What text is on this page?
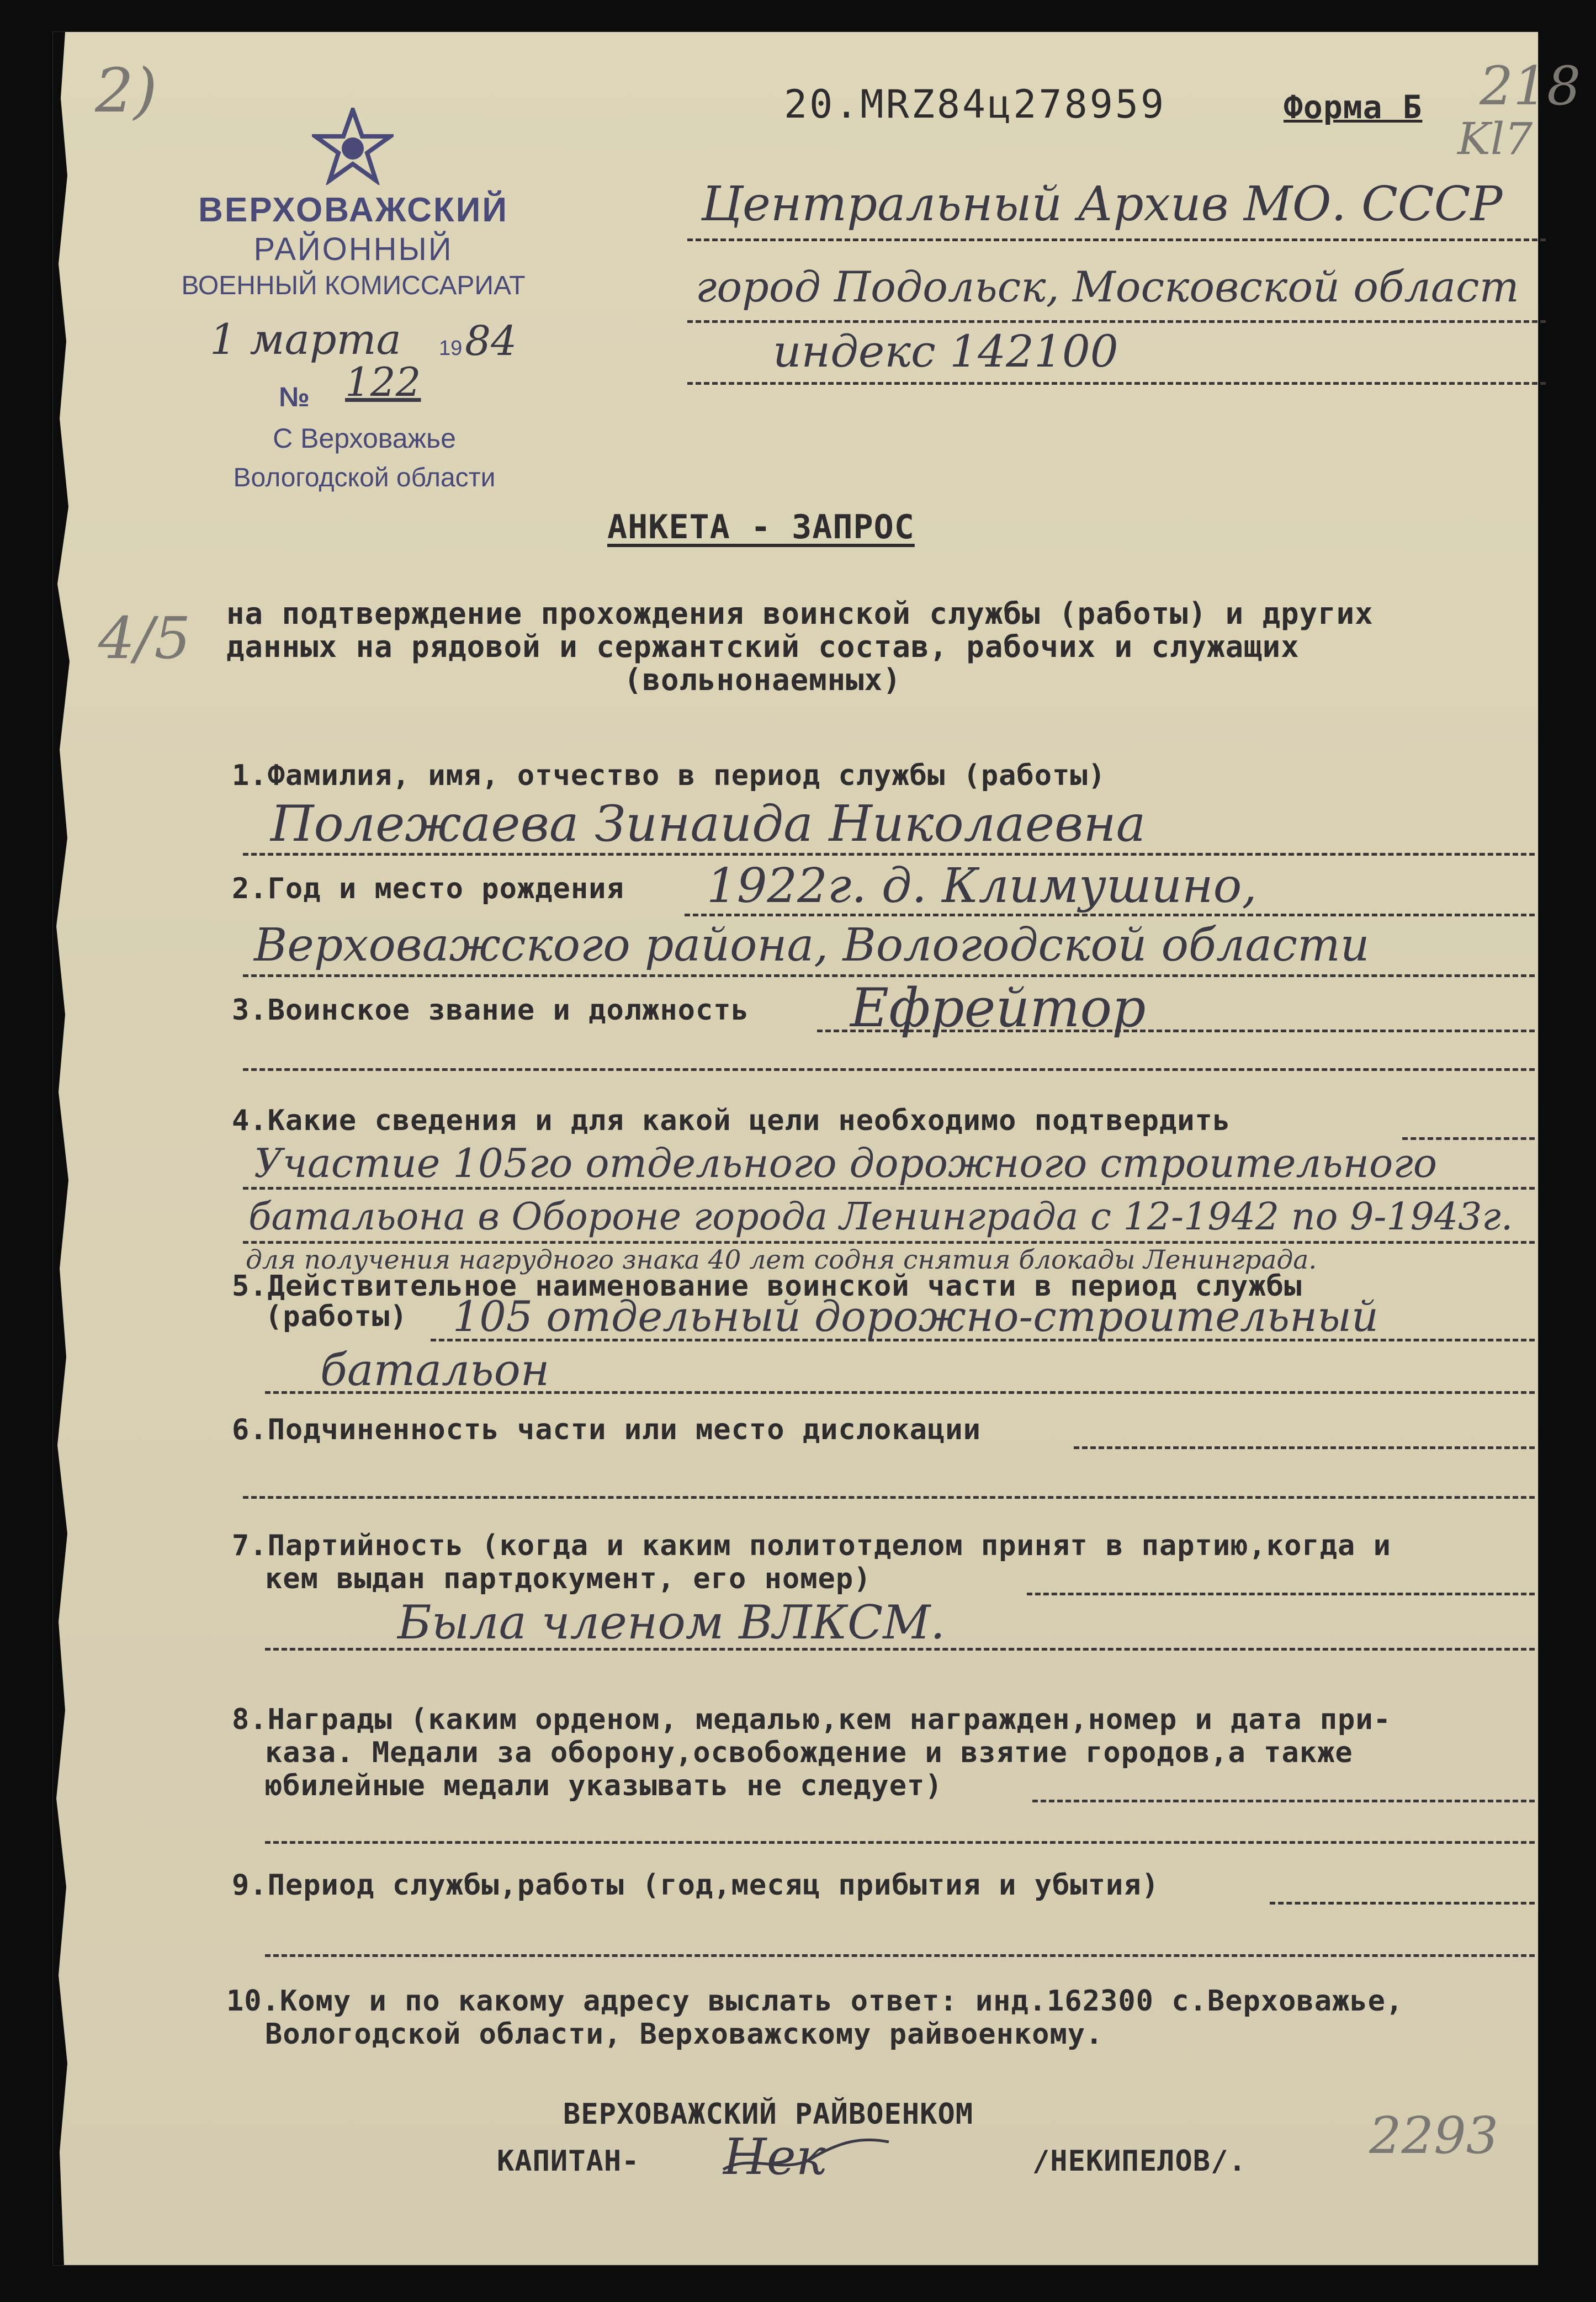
2)	218
Kl7
4/5
20.MRZ84ц278959	Форма Б
ВЕРХОВАЖСКИЙ
РАЙОННЫЙ
ВОЕННЫЙ КОМИССАРИАТ
1 марта 19 84
№ 122
С Верховажье
Вологодской области
Центральный Архив МО. СССР
город Подольск, Московской област
индекс 142100
АНКЕТА - ЗАПРОС
на подтверждение прохождения воинской службы (работы) и других
данных на рядовой и сержантский состав, рабочих и служащих
(вольнонаемных)
1.Фамилия, имя, отчество в период службы (работы)
Полежаева Зинаида Николаевна
2.Год и место рождения 1922г. д. Климушино,
Верховажского района, Вологодской области
3.Воинское звание и должность Ефрейтор
4.Какие сведения и для какой цели необходимо подтвердить
Участие 105го отдельного дорожного строительного
батальона в Обороне города Ленинграда с 12-1942 по 9-1943г.
для получения нагрудного знака 40 лет содня снятия блокады Ленинграда.
5.Действительное наименование воинской части в период службы
(работы) 105 отдельный дорожно-строительный
батальон
6.Подчиненность части или место дислокации
7.Партийность (когда и каким политотделом принят в партию,когда и
кем выдан партдокумент, его номер)
Была членом ВЛКСМ.
8.Награды (каким орденом, медалью,кем награжден,номер и дата при-
каза. Медали за оборону,освобождение и взятие городов,а также
юбилейные медали указывать не следует)
9.Период службы,работы (год,месяц прибытия и убытия)
10.Кому и по какому адресу выслать ответ: инд.162300 с.Верховажье,
Вологодской области, Верховажскому райвоенкому.
ВЕРХОВАЖСКИЙ РАЙВОЕНКОМ
КАПИТАН- Нек	/НЕКИПЕЛОВ/. 2293
